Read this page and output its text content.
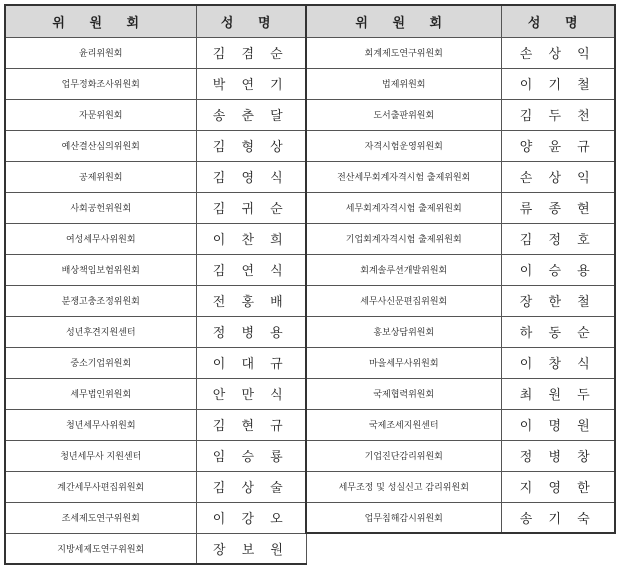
위 원 회	성 명	위 원 회	성 명
윤리위원회	김 겸 순	회계제도연구위원회	손 상 익
업무정화조사위원회	박 연 기	법제위원회	이 기 철
자문위원회	송 춘 달	도서출판위원회	김 두 천
예산결산심의위원회	김 형 상	자격시험운영위원회	양 윤 규
공제위원회	김 영 식	전산세무회계자격시험 출제위원회	손 상 익
사회공헌위원회	김 귀 순	세무회계자격시험 출제위원회	류 종 현
여성세무사위원회	이 찬 희	기업회계자격시험 출제위원회	김 정 호
배상책임보험위원회	김 연 식	회계솔루션개발위원회	이 승 용
분쟁고충조정위원회	전 홍 배	세무사신문편집위원회	장 한 철
성년후견지원센터	정 병 용	홍보상담위원회	하 동 순
중소기업위원회	이 대 규	마을세무사위원회	이 창 식
세무법인위원회	안 만 식	국제협력위원회	최 원 두
청년세무사위원회	김 현 규	국제조세지원센터	이 명 원
청년세무사 지원센터	임 승 룡	기업진단감리위원회	정 병 창
계간세무사편집위원회	김 상 술	세무조정 및 성실신고 감리위원회	지 영 한
조세제도연구위원회	이 강 오	업무침해감시위원회	송 기 숙
지방세제도연구위원회	장 보 원		
